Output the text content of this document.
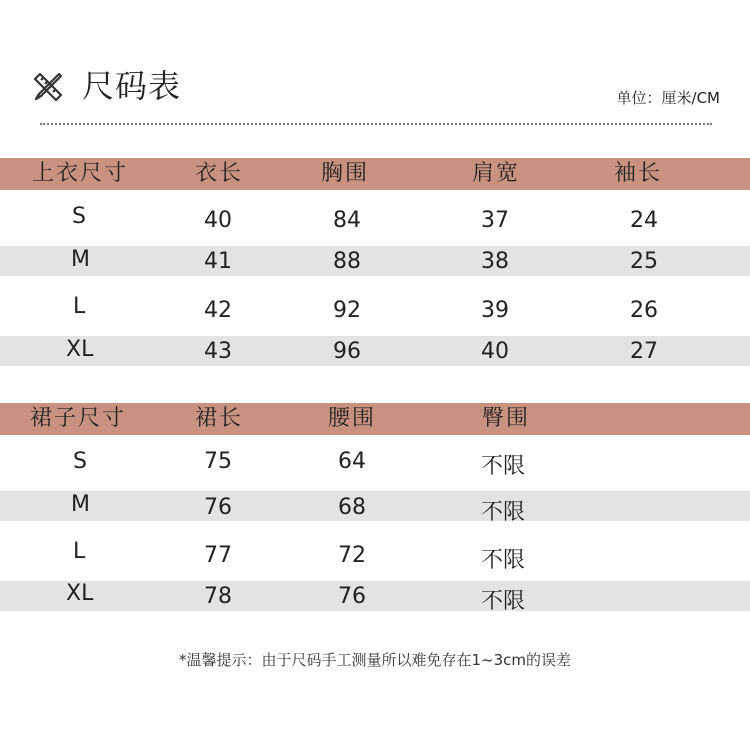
尺码表	单位：厘米/CM
上衣尺寸	衣长	胸围	肩宽	袖长
S	40	84	37	24
M	41	88	38	25
L	42	92	39	26
XL	43	96	40	27
裙子尺寸	裙长	腰围	臀围
S	75	64	不限
M	76	68	不限
L	77	72	不限
XL	78	76	不限
*温馨提示：由于尺码手工测量所以难免存在1~3cm的误差
